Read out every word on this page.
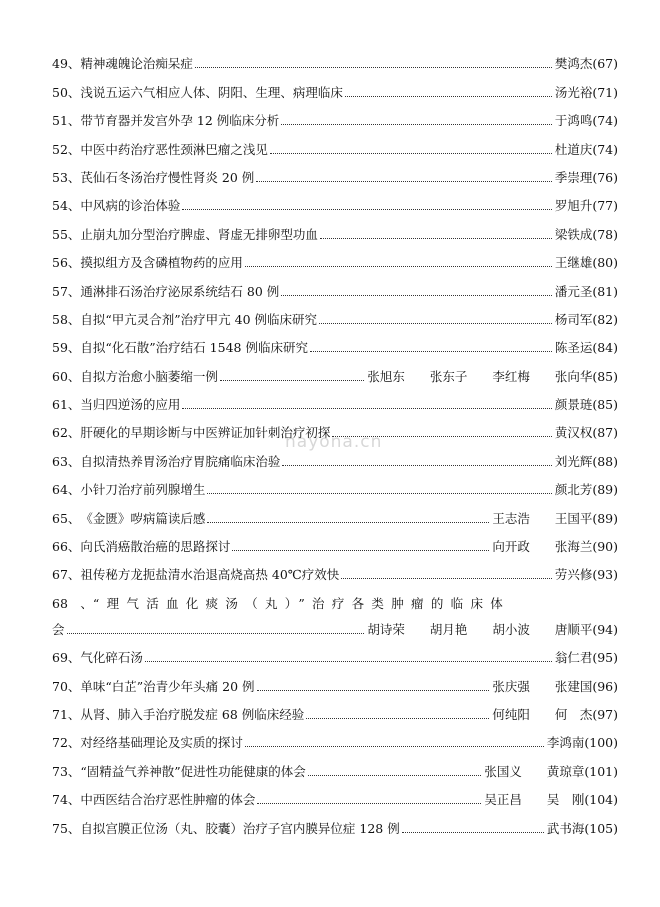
49、 精神魂魄论治痴呆症	樊鸿杰 (67)
50、 浅说五运六气相应人体、阴阳、生理、病理临床	汤光裕 (71)
51、 带节育器并发宫外孕 12 例临床分析	于鸿鸣 (74)
52、 中医中药治疗恶性颈淋巴瘤之浅见	杜道庆 (74)
53、 芪仙石冬汤治疗慢性肾炎 20 例	季崇理 (76)
54、 中风病的诊治体验	罗旭升 (77)
55、 止崩丸加分型治疗脾虚、肾虚无排卵型功血	梁铁成 (78)
56、 摸拟组方及含磷植物药的应用	王继雄 (80)
57、 通淋排石汤治疗泌尿系统结石 80 例	潘元圣 (81)
58、 自拟“甲亢灵合剂”治疗甲亢 40 例临床研究	杨司军 (82)
59、 自拟“化石散”治疗结石 1548 例临床研究	陈圣运 (84)
60、 自拟方治愈小脑萎缩一例	张旭东　　张东子　　李红梅　　张向华 (85)
61、 当归四逆汤的应用	颜景琏 (85)
62、 肝硬化的早期诊断与中医辨证加针刺治疗初探	黄汉权 (87)
63、 自拟清热养胃汤治疗胃脘痛临床治验	刘光辉 (88)
64、 小针刀治疗前列腺增生	颜北芳 (89)
65、 《金匮》哕病篇读后感	王志浩　　王国平 (89)
66、 向氏消癌散治癌的思路探讨	向开政　　张海兰 (90)
67、 祖传秘方龙扼盐清水治退高烧高热 40℃疗效快	劳兴修 (93)
68　、 “理气活血化痰汤（丸）”治疗各类肿瘤的临床体
会	胡诗荣　　胡月艳　　胡小波　　唐顺平 (94)
69、 气化碎石汤	翁仁君 (95)
70、 单味“白芷”治青少年头痛 20 例	张庆强　　张建国 (96)
71、 从肾、肺入手治疗脱发症 68 例临床经验	何纯阳　　何　杰 (97)
72、 对经络基础理论及实质的探讨	李鸿南 (100)
73、 “固精益气养神散”促进性功能健康的体会	张国义　　黄琼章 (101)
74、 中西医结合治疗恶性肿瘤的体会	吴正昌　　吴　刚 (104)
75、 自拟宫膜正位汤（丸、胶囊）治疗子宫内膜异位症 128 例	武书海 (105)
nayona.cn
